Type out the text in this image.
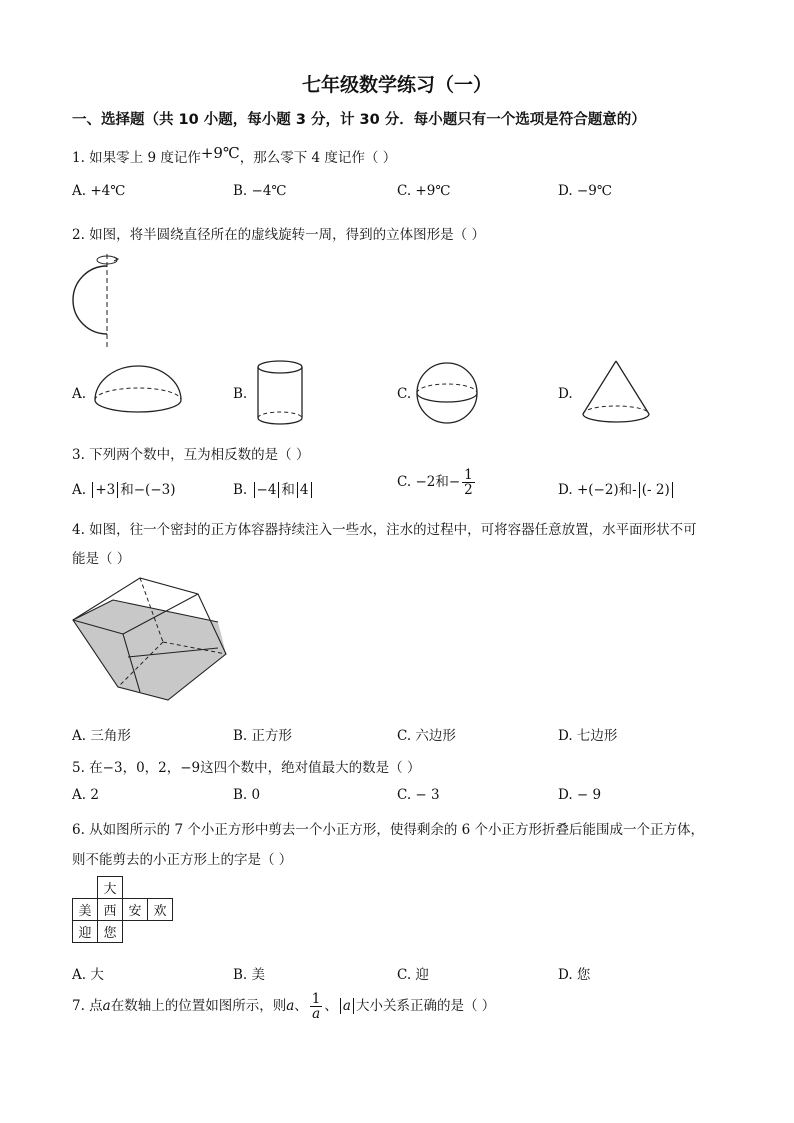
七年级数学练习（一）
一、选择题（共 10 小题，每小题 3 分，计 30 分．每小题只有一个选项是符合题意的）
1. 如果零上 9 度记作+9℃，那么零下 4 度记作（ ）
A. +4℃	B. −4℃	C. +9℃	D. −9℃
2. 如图，将半圆绕直径所在的虚线旋转一周，得到的立体图形是（ ）
A.	B.	C.	D.
3. 下列两个数中，互为相反数的是（ ）
A. +3 和−(−3)	B. −4 和 4	C. −2和− $\frac{1}{2}$	D. +(−2)和- (- 2)
4. 如图，往一个密封的正方体容器持续注入一些水，注水的过程中，可将容器任意放置，水平面形状不可
能是（ ）
A. 三角形	B. 正方形	C. 六边形	D. 七边形
5. 在−3，0，2，−9这四个数中，绝对值最大的数是（ ）
A. 2	B. 0	C. − 3	D. − 9
6. 从如图所示的 7 个小正方形中剪去一个小正方形，使得剩余的 6 个小正方形折叠后能围成一个正方体，
则不能剪去的小正方形上的字是（ ）
	大		
美	西	安	欢
迎	您		
A. 大	B. 美	C. 迎	D. 您
7. 点a在数轴上的位置如图所示，则a、 $\frac{1}{a}$ 、 a 大小关系正确的是（ ）
